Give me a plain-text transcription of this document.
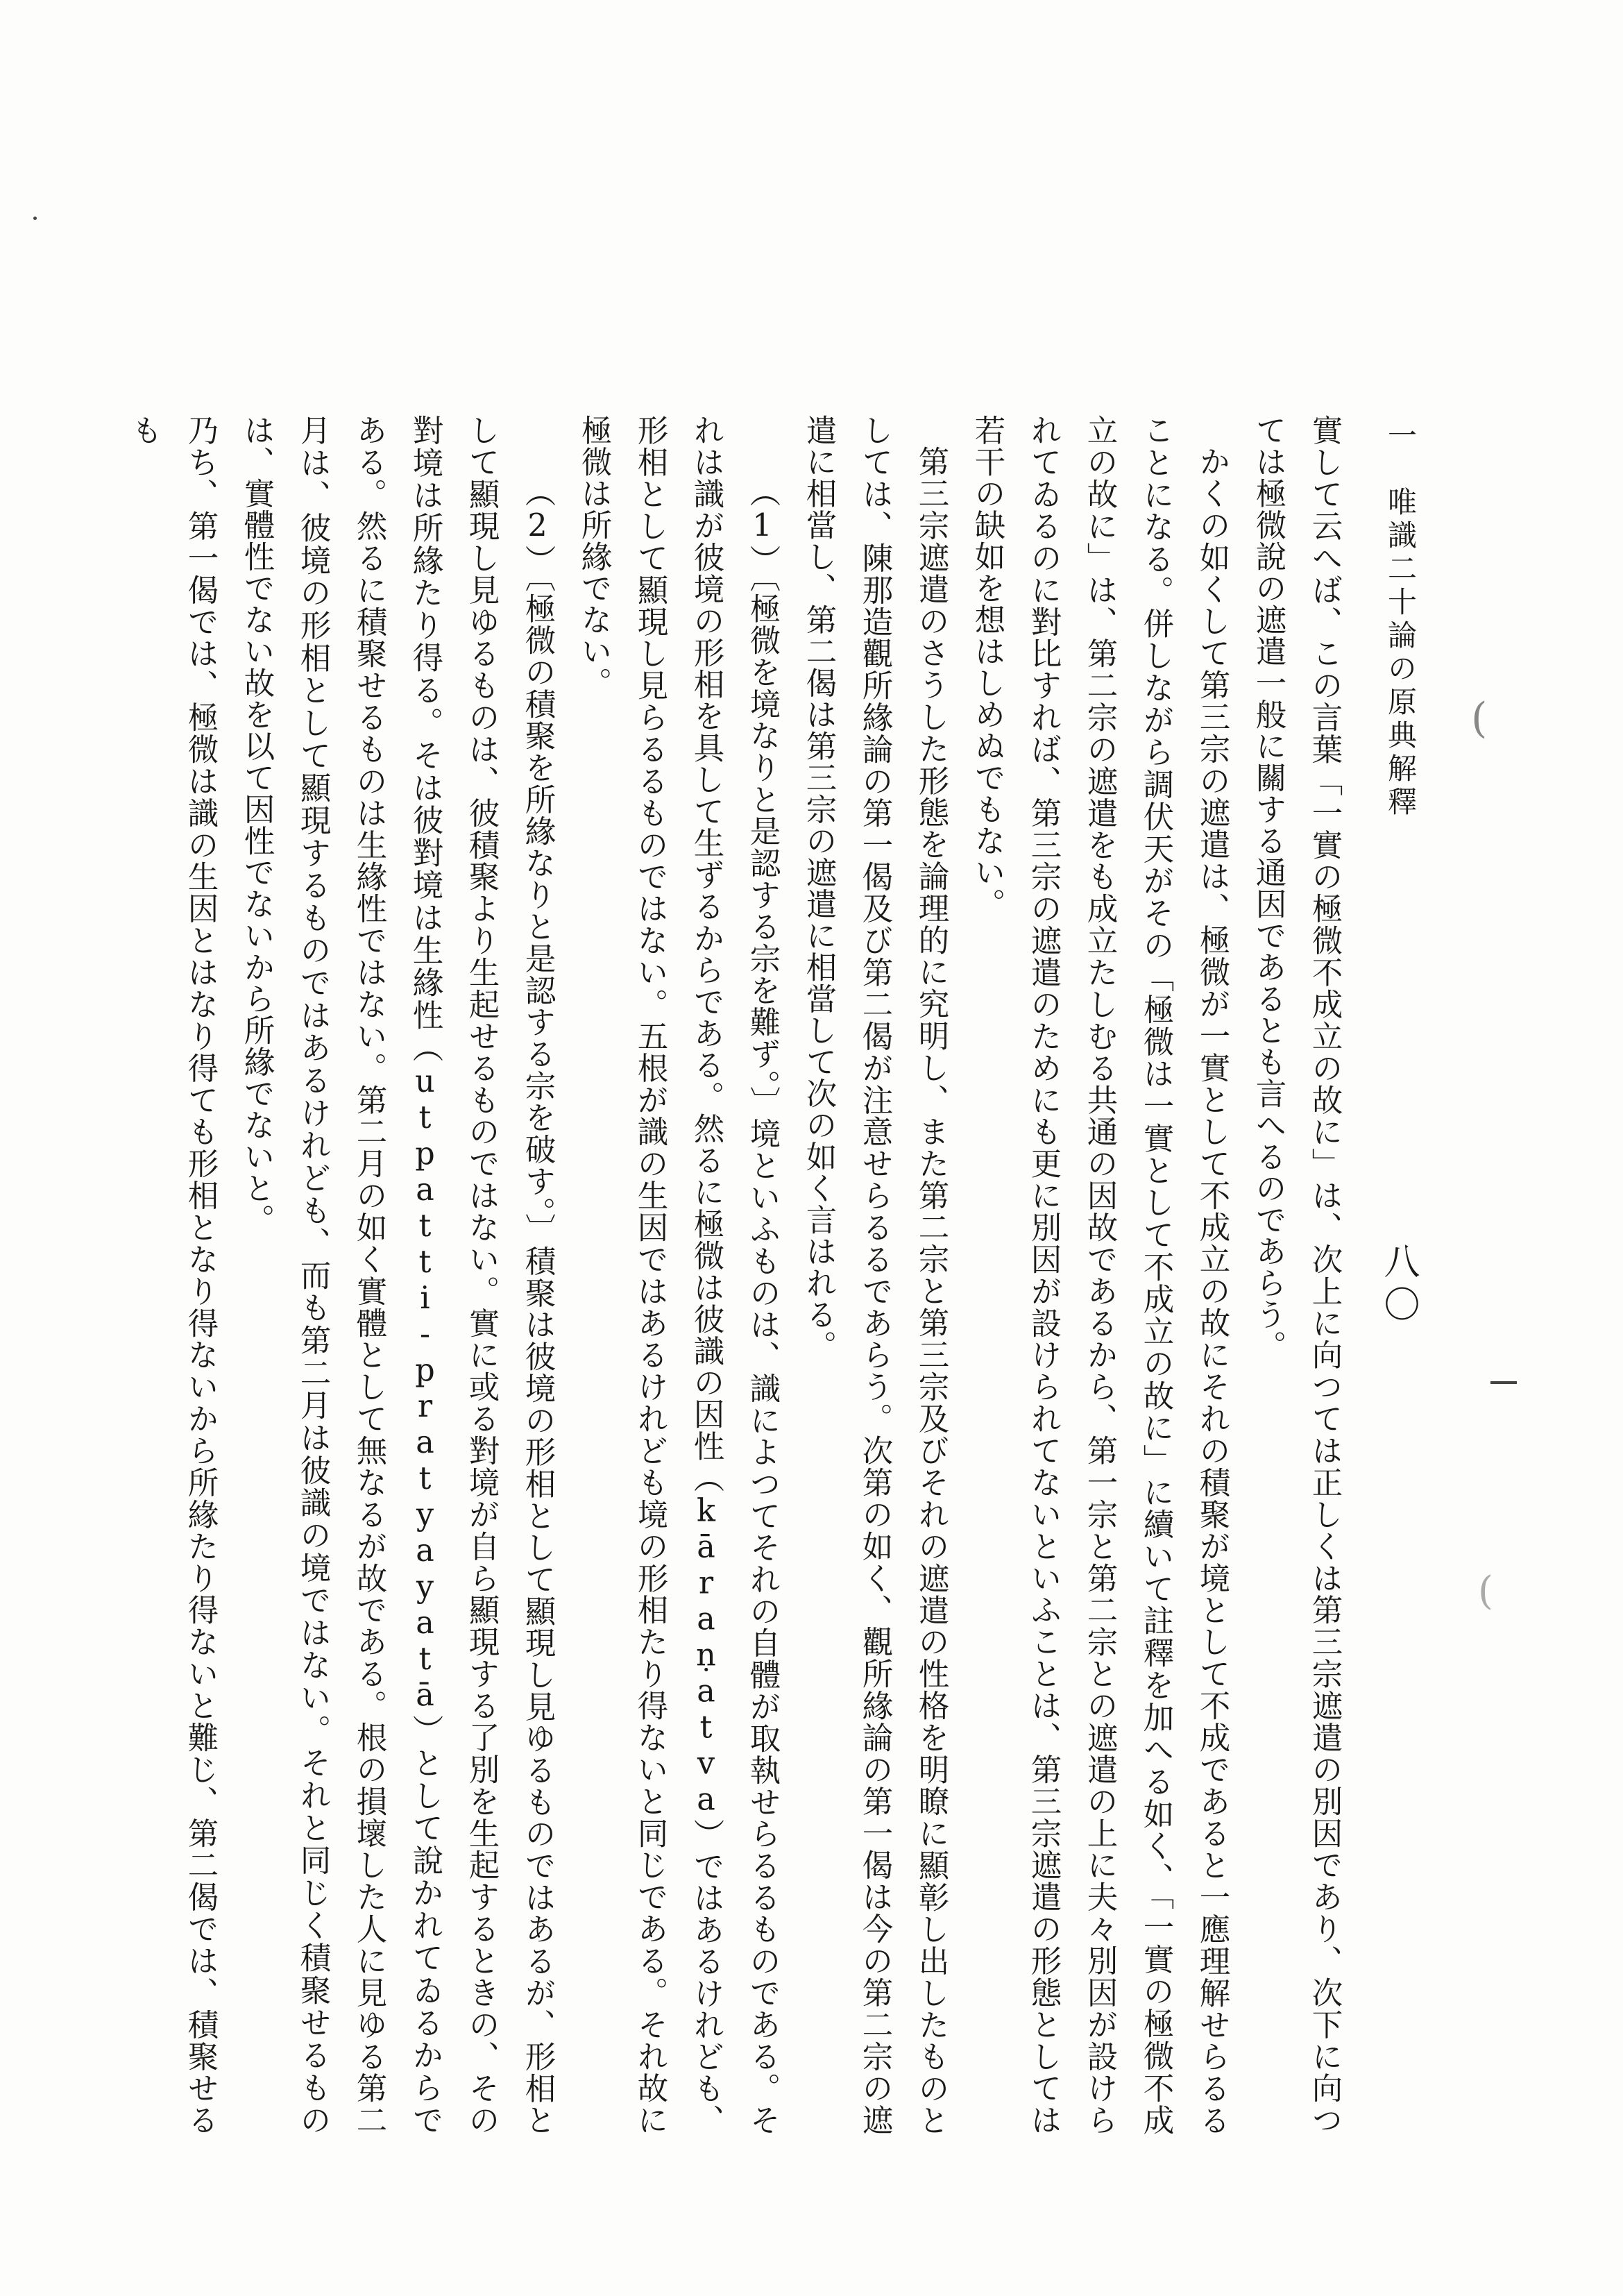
一　唯識二十論の原典解釋
八〇

實して云へば、この言葉「一實の極微不成立の故に」は、次上に向つては正しくは第三宗遮遣の別因であり、次下に向つては極微說の遮遣一般に關する通因であるとも言へるのであらう。

かくの如くして第三宗の遮遣は、極微が一實として不成立の故にそれの積聚が境として不成であると一應理解せらるることになる。併しながら調伏天がその「極微は一實として不成立の故に」に續いて註釋を加へる如く、「一實の極微不成立の故に」は、第二宗の遮遣をも成立たしむる共通の因故であるから、第一宗と第二宗との遮遣の上に夫々別因が設けられてゐるのに對比すれば、第三宗の遮遣のためにも更に別因が設けられてないといふことは、第三宗遮遣の形態としては若干の缺如を想はしめぬでもない。

第三宗遮遣のさうした形態を論理的に究明し、また第二宗と第三宗及びそれの遮遣の性格を明瞭に顯彰し出したものとしては、陳那造觀所緣論の第一偈及び第二偈が注意せらるるであらう。次第の如く、觀所緣論の第一偈は今の第二宗の遮遣に相當し、第二偈は第三宗の遮遣に相當して次の如く言はれる。

（1）〔極微を境なりと是認する宗を難ず。〕境といふものは、識によつてそれの自體が取執せらるるものである。それは識が彼境の形相を具して生ずるからである。然るに極微は彼識の因性（kāraṇatva）ではあるけれども、形相として顯現し見らるるものではない。五根が識の生因ではあるけれども境の形相たり得ないと同じである。それ故に極微は所緣でない。

（2）〔極微の積聚を所緣なりと是認する宗を破す。〕積聚は彼境の形相として顯現し見ゆるものではあるが、形相として顯現し見ゆるものは、彼積聚より生起せるものではない。實に或る對境が自ら顯現する了別を生起するときの、その對境は所緣たり得る。そは彼對境は生緣性（utpatti-pratyayatā）として說かれてゐるからである。然るに積聚せるものは生緣性ではない。第二月の如く實體として無なるが故である。根の損壞した人に見ゆる第二月は、彼境の形相として顯現するものではあるけれども、而も第二月は彼識の境ではない。それと同じく積聚せるものは、實體性でない故を以て因性でないから所緣でないと。

乃ち、第一偈では、極微は識の生因とはなり得ても形相となり得ないから所緣たり得ないと難じ、第二偈では、積聚せるも

(
(
